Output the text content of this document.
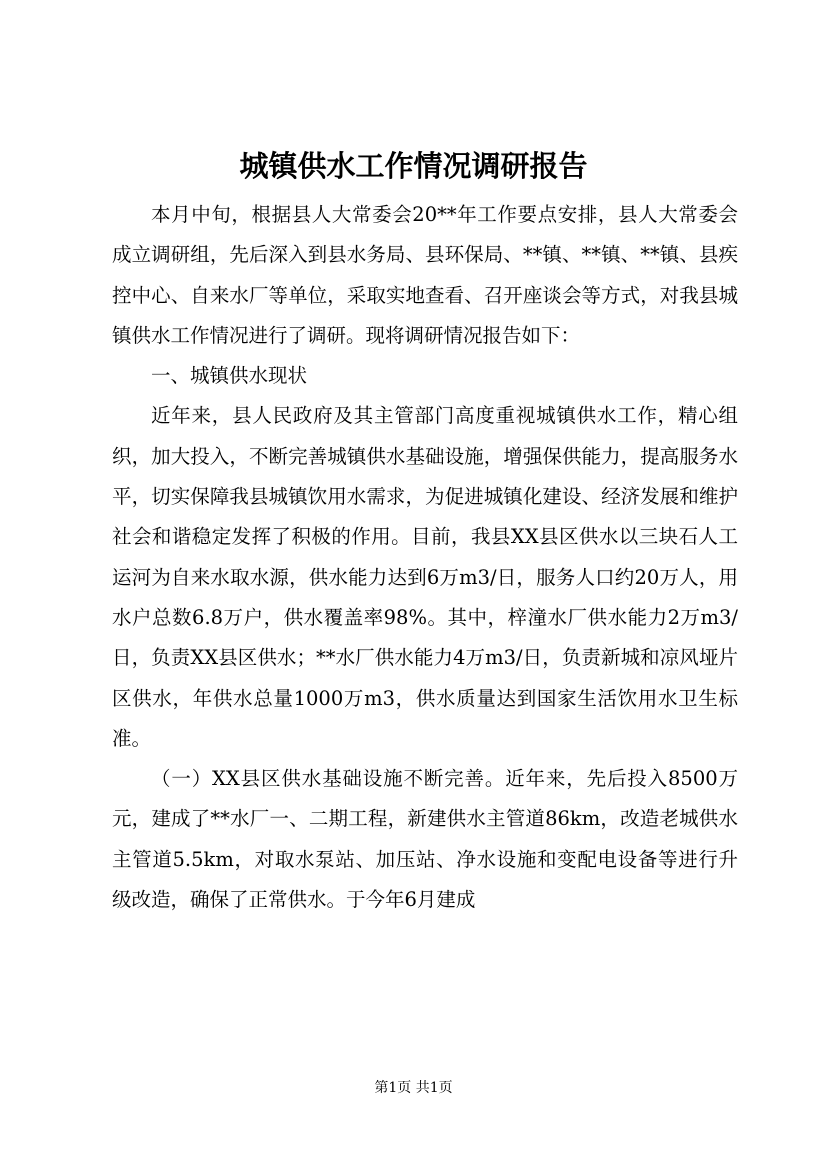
城镇供水工作情况调研报告

本月中旬，根据县人大常委会20**年工作要点安排，县人大常委会成立调研组，先后深入到县水务局、县环保局、**镇、**镇、**镇、县疾控中心、自来水厂等单位，采取实地查看、召开座谈会等方式，对我县城镇供水工作情况进行了调研。现将调研情况报告如下：

一、城镇供水现状

近年来，县人民政府及其主管部门高度重视城镇供水工作，精心组织，加大投入，不断完善城镇供水基础设施，增强保供能力，提高服务水平，切实保障我县城镇饮用水需求，为促进城镇化建设、经济发展和维护社会和谐稳定发挥了积极的作用。目前，我县XX县区供水以三块石人工运河为自来水取水源，供水能力达到6万m3/日，服务人口约20万人，用水户总数6.8万户，供水覆盖率98%。其中，梓潼水厂供水能力2万m3/日，负责XX县区供水；**水厂供水能力4万m3/日，负责新城和凉风垭片区供水，年供水总量1000万m3，供水质量达到国家生活饮用水卫生标准。

（一）XX县区供水基础设施不断完善。近年来，先后投入8500万元，建成了**水厂一、二期工程，新建供水主管道86km，改造老城供水主管道5.5km，对取水泵站、加压站、净水设施和变配电设备等进行升级改造，确保了正常供水。于今年6月建成

第1页 共1页
